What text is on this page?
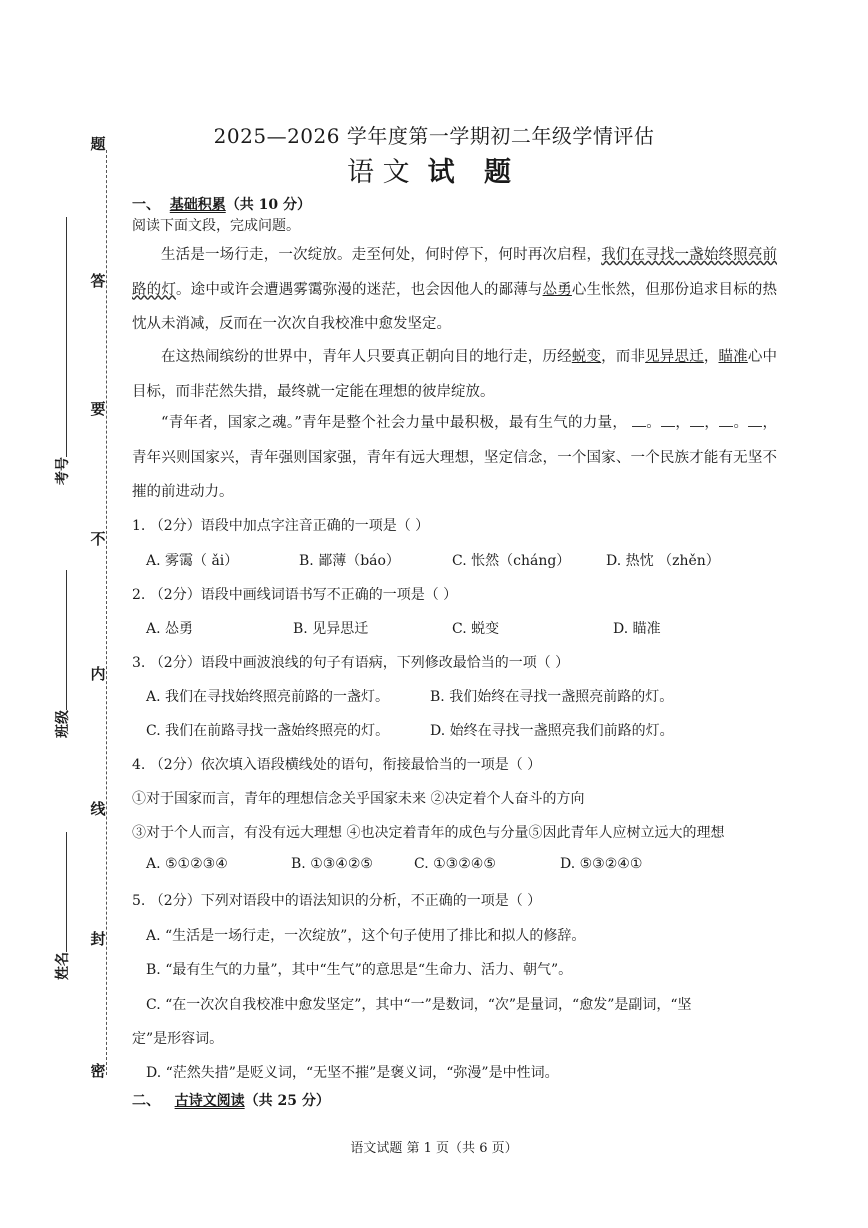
题
答
要
不
内
线
封
密
考号
班级
姓名
2025—2026 学年度第一学期初二年级学情评估
语 文 试 题
一、 基础积累（共 10 分）
阅读下面文段，完成问题。
生活是一场行走，一次绽放。走至何处，何时停下，何时再次启程，我们在寻找一盏始终照亮前路的灯。途中或许会遭遇雾霭弥漫的迷茫，也会因他人的鄙薄与怂勇心生怅然，但那份追求目标的热忱从未消减，反而在一次次自我校准中愈发坚定。
在这热闹缤纷的世界中，青年人只要真正朝向目的地行走，历经蜕变，而非见异思迁，瞄准心中目标，而非茫然失措，最终就一定能在理想的彼岸绽放。
“青年者，国家之魂。”青年是整个社会力量中最积极，最有生气的力量， 。 ， ， 。 ，青年兴则国家兴，青年强则国家强，青年有远大理想，坚定信念，一个国家、一个民族才能有无坚不摧的前进动力。
1. （2分）语段中加点字注音正确的一项是（ ）
A. 雾霭（ ǎi）	B. 鄙薄（báo）	C. 怅然（cháng）	D. 热忱 （zhěn）
2. （2分）语段中画线词语书写不正确的一项是（ ）
A. 怂勇	B. 见异思迁	C. 蜕变	D. 瞄准
3. （2分）语段中画波浪线的句子有语病，下列修改最恰当的一项（ ）
A. 我们在寻找始终照亮前路的一盏灯。	B. 我们始终在寻找一盏照亮前路的灯。
C. 我们在前路寻找一盏始终照亮的灯。	D. 始终在寻找一盏照亮我们前路的灯。
4. （2分）依次填入语段横线处的语句，衔接最恰当的一项是（ ）
①对于国家而言，青年的理想信念关乎国家未来 ②决定着个人奋斗的方向
③对于个人而言，有没有远大理想 ④也决定着青年的成色与分量⑤因此青年人应树立远大的理想
A. ⑤①②③④	B. ①③④②⑤	C. ①③②④⑤	D. ⑤③②④①
5. （2分）下列对语段中的语法知识的分析，不正确的一项是（ ）
A. “生活是一场行走，一次绽放”，这个句子使用了排比和拟人的修辞。
B. “最有生气的力量”，其中“生气”的意思是“生命力、活力、朝气”。
C. “在一次次自我校准中愈发坚定”，其中“一”是数词，“次”是量词，“愈发”是副词，“坚
定”是形容词。
D. “茫然失措”是贬义词，“无坚不摧”是褒义词，“弥漫”是中性词。
二、 古诗文阅读（共 25 分）
语文试题 第 1 页（共 6 页）
